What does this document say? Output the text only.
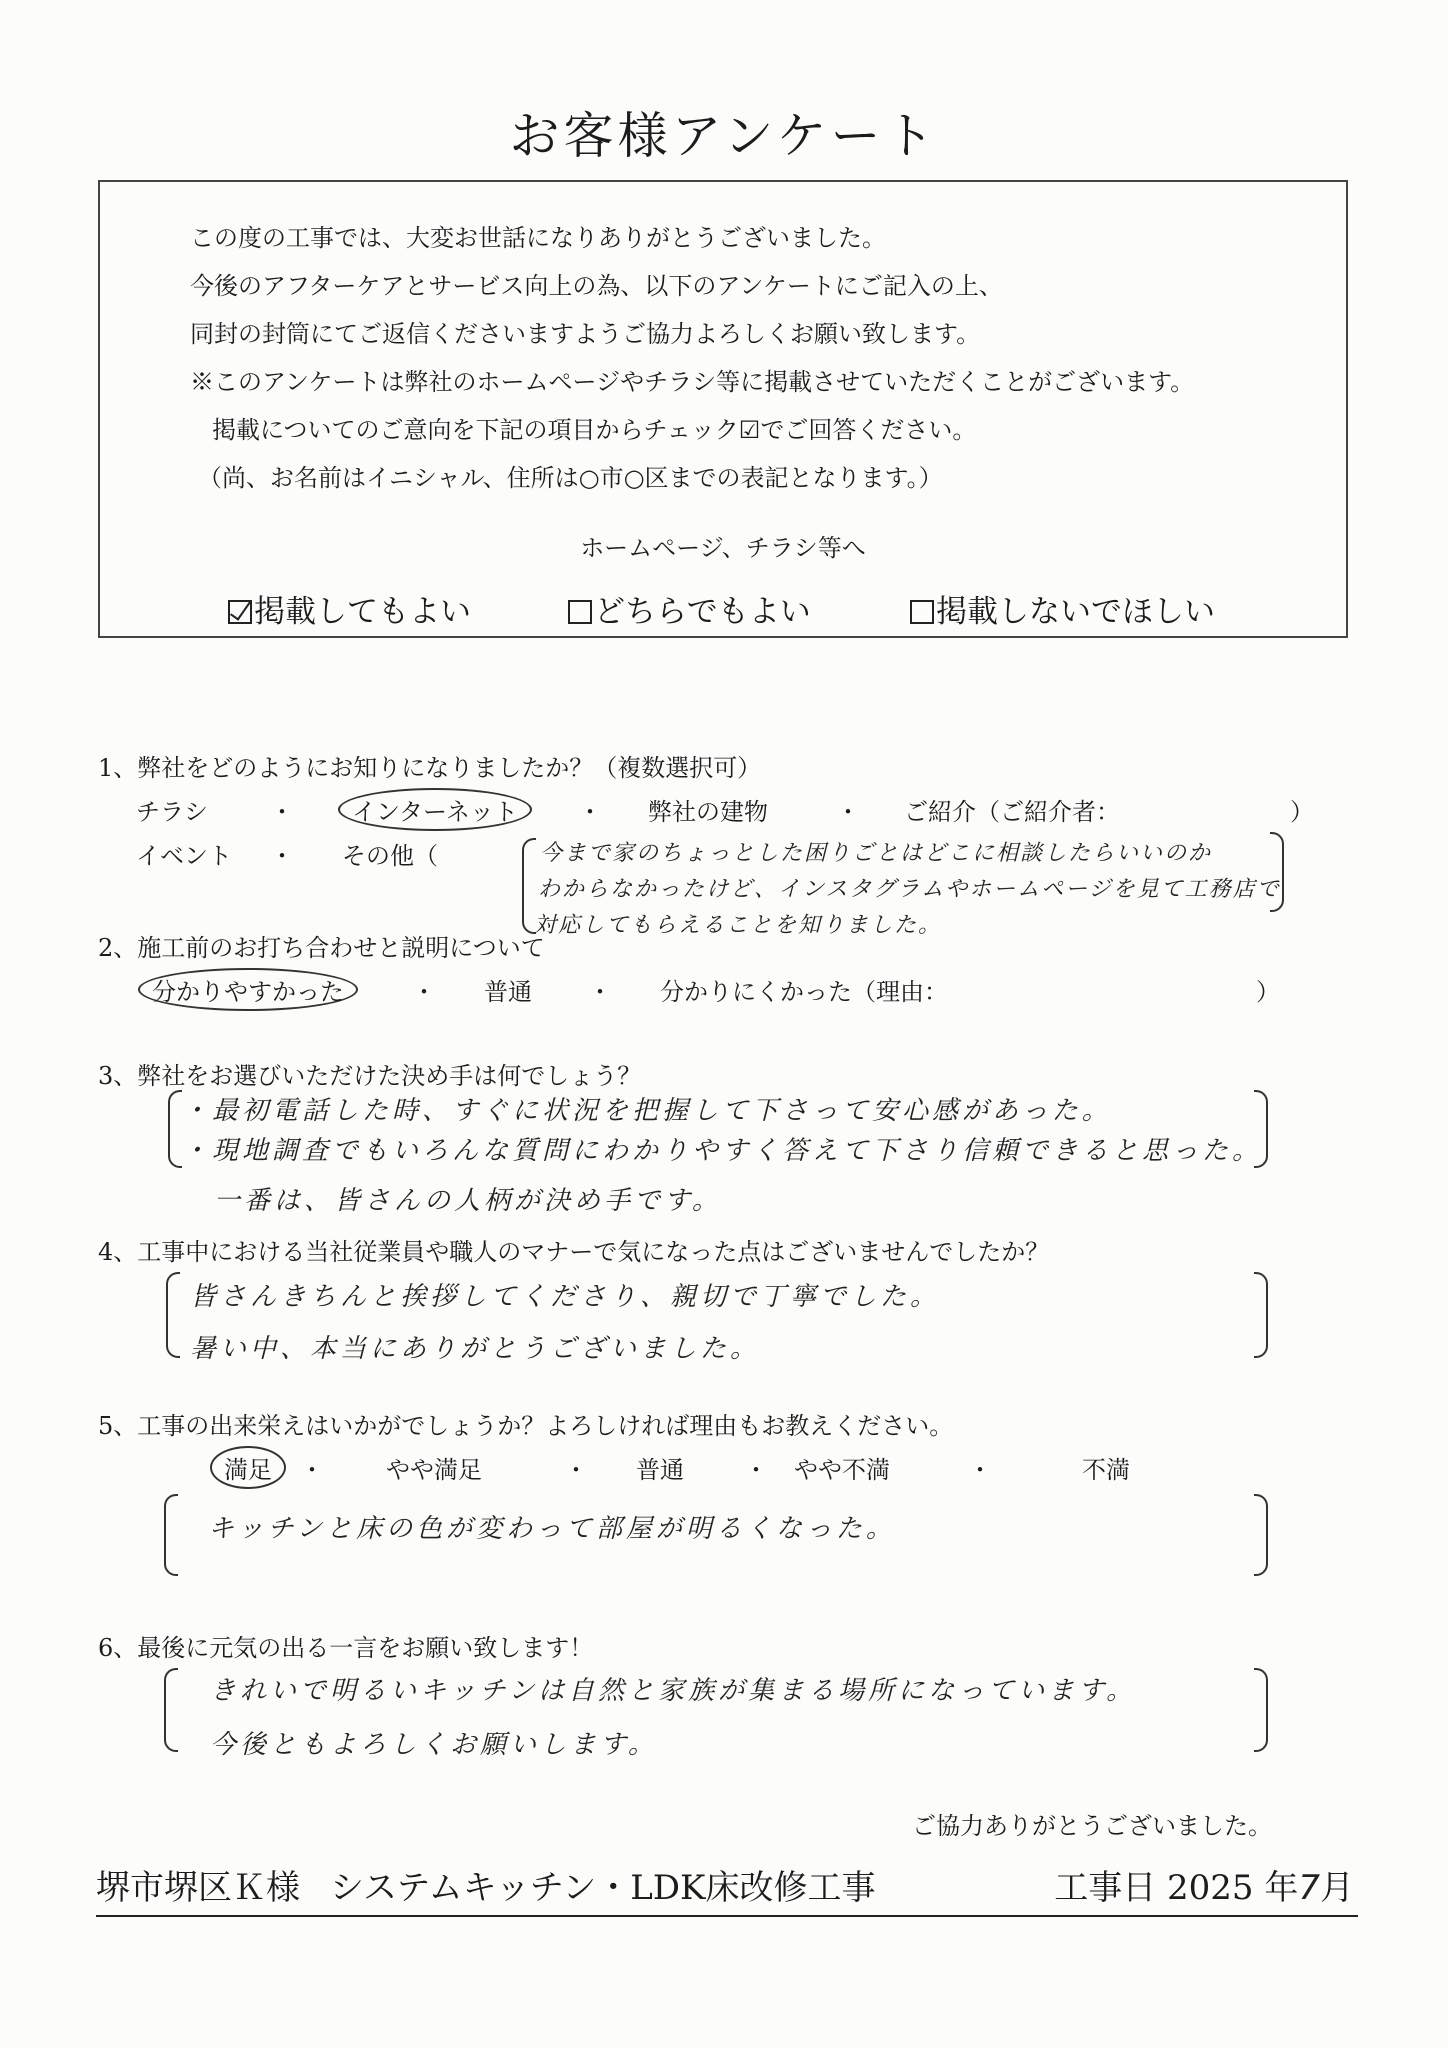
お客様アンケート
この度の工事では、大変お世話になりありがとうございました。
今後のアフターケアとサービス向上の為、以下のアンケートにご記入の上、
同封の封筒にてご返信くださいますようご協力よろしくお願い致します。
※このアンケートは弊社のホームページやチラシ等に掲載させていただくことがございます。
掲載についてのご意向を下記の項目からチェック☑でご回答ください。
（尚、お名前はイニシャル、住所は○市○区までの表記となります。）
ホームページ、チラシ等へ
掲載してもよい	どちらでもよい	掲載しないでほしい
1、弊社をどのようにお知りになりましたか？（複数選択可）
チラシ	・	インターネット	・ 弊社の建物	・ ご紹介（ご紹介者：	）
イベント ・ その他（	今まで家のちょっとした困りごとはどこに相談したらいいのか
わからなかったけど、インスタグラムやホームページを見て工務店で
対応してもらえることを知りました。
2、施工前のお打ち合わせと説明について
分かりやすかった	・ 普通 ・ 分かりにくかった（理由：	）
3、弊社をお選びいただけた決め手は何でしょう？
・最初電話した時、すぐに状況を把握して下さって安心感があった。
・現地調査でもいろんな質問にわかりやすく答えて下さり信頼できると思った。
一番は、皆さんの人柄が決め手です。
4、工事中における当社従業員や職人のマナーで気になった点はございませんでしたか？
皆さんきちんと挨拶してくださり、親切で丁寧でした。
暑い中、本当にありがとうございました。
5、工事の出来栄えはいかがでしょうか？よろしければ理由もお教えください。
満足	・	やや満足	・ 普通	・ やや不満	・	不満
キッチンと床の色が変わって部屋が明るくなった。
6、最後に元気の出る一言をお願い致します！
きれいで明るいキッチンは自然と家族が集まる場所になっています。
今後ともよろしくお願いします。
ご協力ありがとうございました。
堺市堺区Ｋ様 システムキッチン・LDK床改修工事	工事日 2025 年7月
